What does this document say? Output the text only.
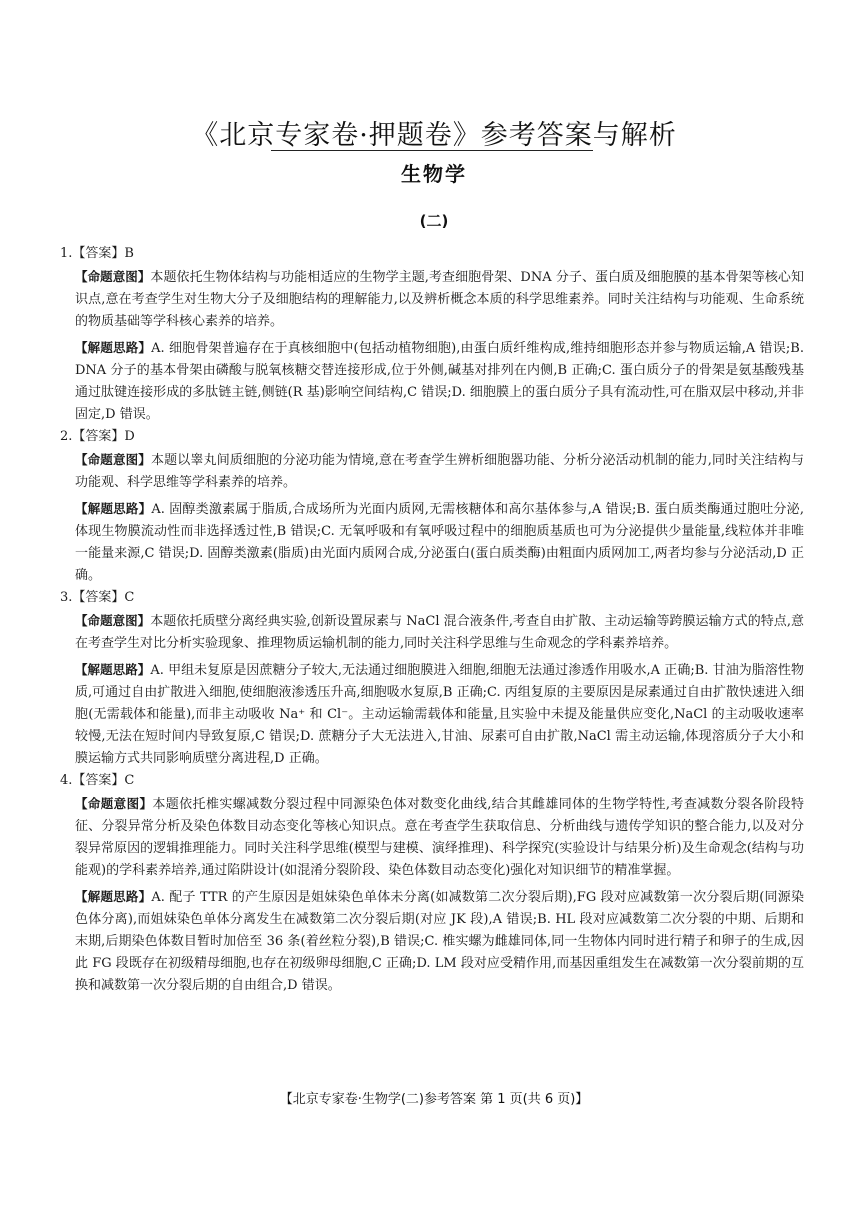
《北京专家卷·押题卷》参考答案与解析
生物学
(二)

1.【答案】B

【命题意图】本题依托生物体结构与功能相适应的生物学主题,考查细胞骨架、DNA 分子、蛋白质及细胞膜的基本骨架等核心知识点,意在考查学生对生物大分子及细胞结构的理解能力,以及辨析概念本质的科学思维素养。同时关注结构与功能观、生命系统的物质基础等学科核心素养的培养。

【解题思路】A. 细胞骨架普遍存在于真核细胞中(包括动植物细胞),由蛋白质纤维构成,维持细胞形态并参与物质运输,A 错误;B. DNA 分子的基本骨架由磷酸与脱氧核糖交替连接形成,位于外侧,碱基对排列在内侧,B 正确;C. 蛋白质分子的骨架是氨基酸残基通过肽键连接形成的多肽链主链,侧链(R 基)影响空间结构,C 错误;D. 细胞膜上的蛋白质分子具有流动性,可在脂双层中移动,并非固定,D 错误。

2.【答案】D

【命题意图】本题以睾丸间质细胞的分泌功能为情境,意在考查学生辨析细胞器功能、分析分泌活动机制的能力,同时关注结构与功能观、科学思维等学科素养的培养。

【解题思路】A. 固醇类激素属于脂质,合成场所为光面内质网,无需核糖体和高尔基体参与,A 错误;B. 蛋白质类酶通过胞吐分泌,体现生物膜流动性而非选择透过性,B 错误;C. 无氧呼吸和有氧呼吸过程中的细胞质基质也可为分泌提供少量能量,线粒体并非唯一能量来源,C 错误;D. 固醇类激素(脂质)由光面内质网合成,分泌蛋白(蛋白质类酶)由粗面内质网加工,两者均参与分泌活动,D 正确。

3.【答案】C

【命题意图】本题依托质壁分离经典实验,创新设置尿素与 NaCl 混合液条件,考查自由扩散、主动运输等跨膜运输方式的特点,意在考查学生对比分析实验现象、推理物质运输机制的能力,同时关注科学思维与生命观念的学科素养培养。

【解题思路】A. 甲组未复原是因蔗糖分子较大,无法通过细胞膜进入细胞,细胞无法通过渗透作用吸水,A 正确;B. 甘油为脂溶性物质,可通过自由扩散进入细胞,使细胞液渗透压升高,细胞吸水复原,B 正确;C. 丙组复原的主要原因是尿素通过自由扩散快速进入细胞(无需载体和能量),而非主动吸收 Na⁺ 和 Cl⁻。主动运输需载体和能量,且实验中未提及能量供应变化,NaCl 的主动吸收速率较慢,无法在短时间内导致复原,C 错误;D. 蔗糖分子大无法进入,甘油、尿素可自由扩散,NaCl 需主动运输,体现溶质分子大小和膜运输方式共同影响质壁分离进程,D 正确。

4.【答案】C

【命题意图】本题依托椎实螺减数分裂过程中同源染色体对数变化曲线,结合其雌雄同体的生物学特性,考查减数分裂各阶段特征、分裂异常分析及染色体数目动态变化等核心知识点。意在考查学生获取信息、分析曲线与遗传学知识的整合能力,以及对分裂异常原因的逻辑推理能力。同时关注科学思维(模型与建模、演绎推理)、科学探究(实验设计与结果分析)及生命观念(结构与功能观)的学科素养培养,通过陷阱设计(如混淆分裂阶段、染色体数目动态变化)强化对知识细节的精准掌握。

【解题思路】A. 配子 TTR 的产生原因是姐妹染色单体未分离(如减数第二次分裂后期),FG 段对应减数第一次分裂后期(同源染色体分离),而姐妹染色单体分离发生在减数第二次分裂后期(对应 JK 段),A 错误;B. HL 段对应减数第二次分裂的中期、后期和末期,后期染色体数目暂时加倍至 36 条(着丝粒分裂),B 错误;C. 椎实螺为雌雄同体,同一生物体内同时进行精子和卵子的生成,因此 FG 段既存在初级精母细胞,也存在初级卵母细胞,C 正确;D. LM 段对应受精作用,而基因重组发生在减数第一次分裂前期的互换和减数第一次分裂后期的自由组合,D 错误。

【北京专家卷·生物学(二)参考答案 第 1 页(共 6 页)】
